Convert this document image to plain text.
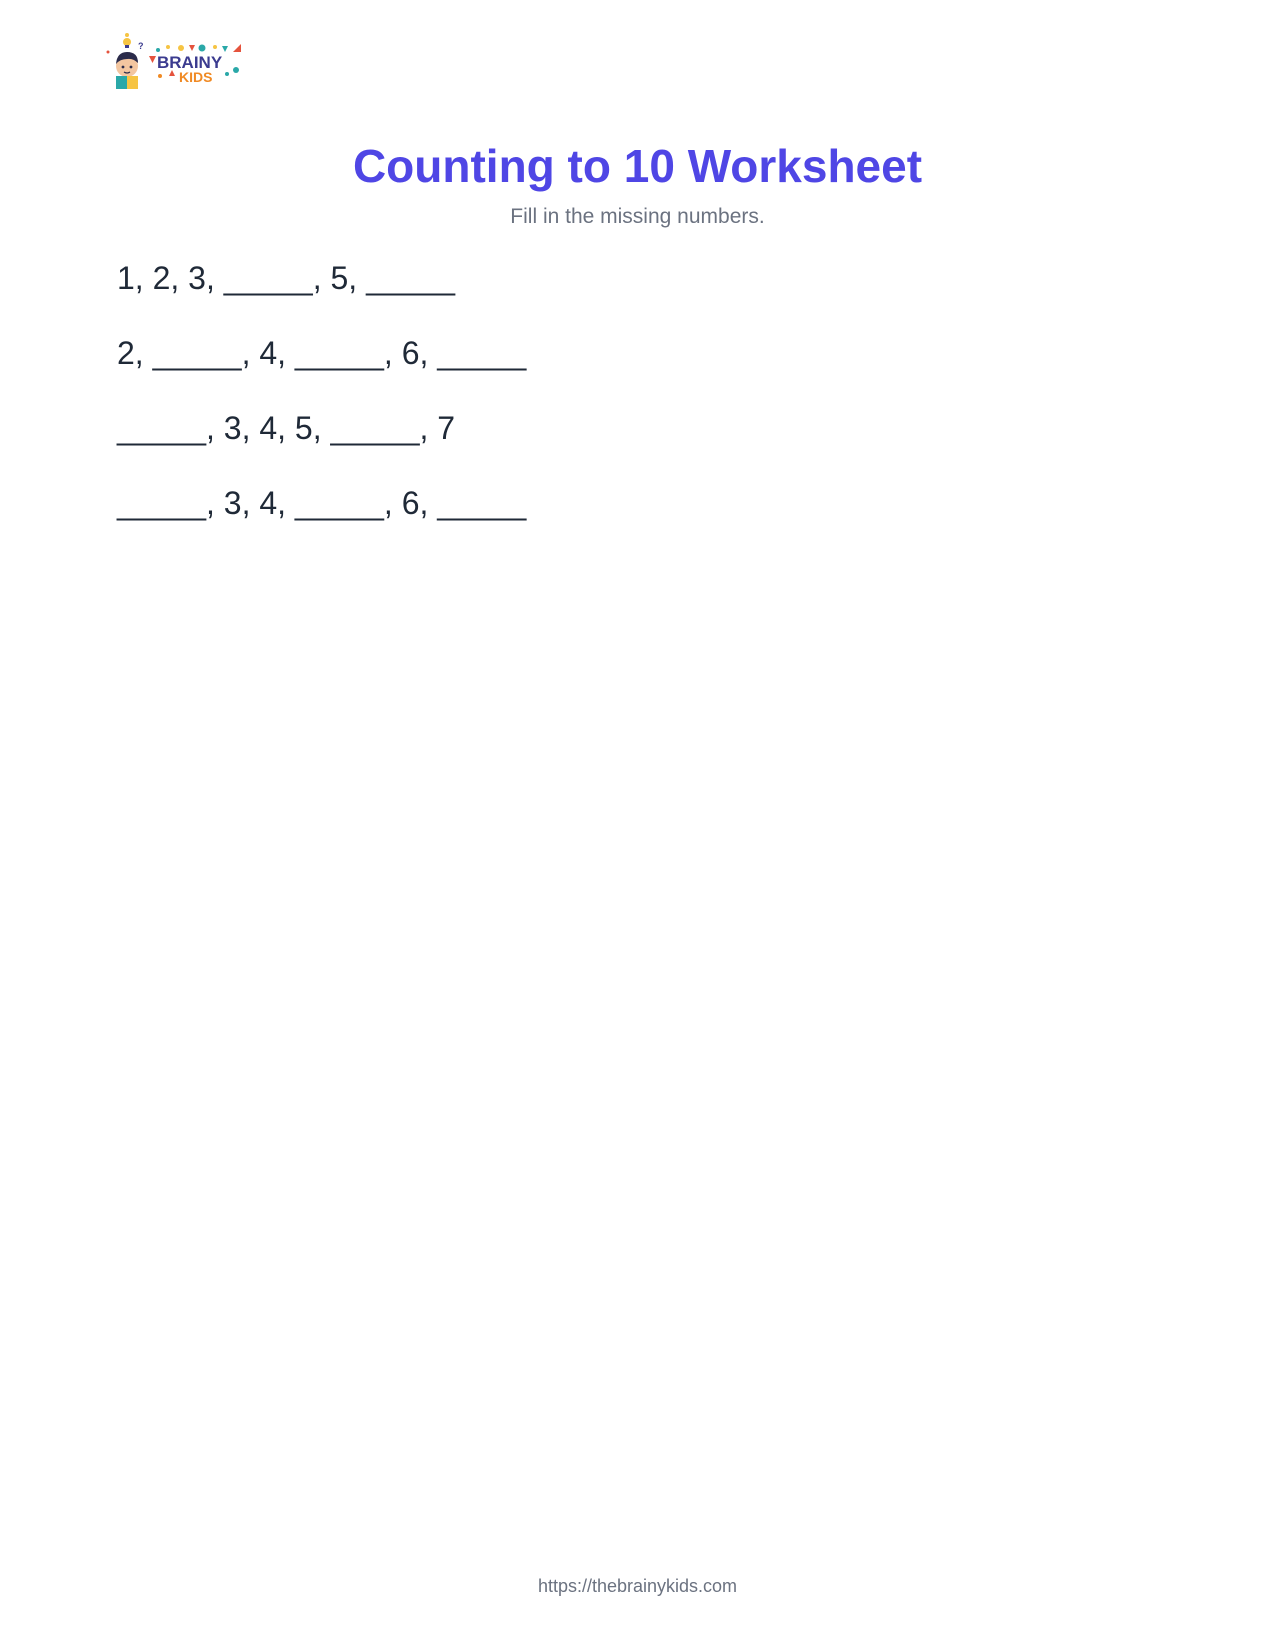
?
BRAINY
KIDS
Counting to 10 Worksheet

Fill in the missing numbers.

1, 2, 3, _____, 5, _____
2, _____, 4, _____, 6, _____
_____, 3, 4, 5, _____, 7
_____, 3, 4, _____, 6, _____
https://thebrainykids.com
